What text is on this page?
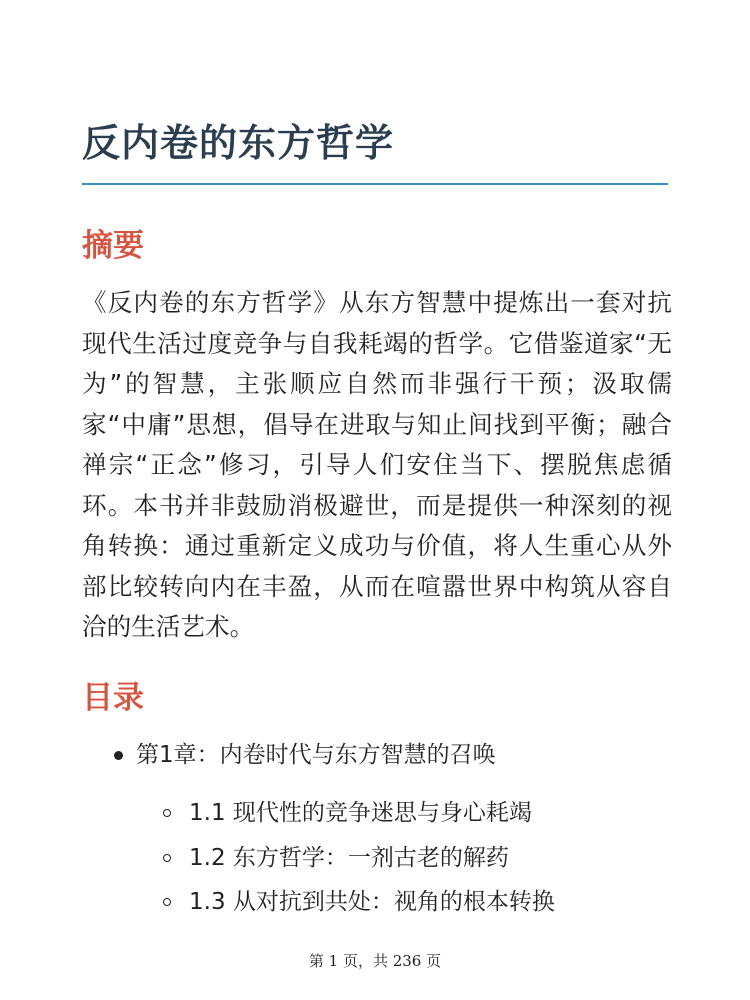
反内卷的东方哲学
摘要

《反内卷的东方哲学》从东方智慧中提炼出一套对抗现代生活过度竞争与自我耗竭的哲学。它借鉴道家“无为”的智慧，主张顺应自然而非强行干预；汲取儒家“中庸”思想，倡导在进取与知止间找到平衡；融合禅宗“正念”修习，引导人们安住当下、摆脱焦虑循环。本书并非鼓励消极避世，而是提供一种深刻的视角转换：通过重新定义成功与价值，将人生重心从外部比较转向内在丰盈，从而在喧嚣世界中构筑从容自洽的生活艺术。

目录
第1章：内卷时代与东方智慧的召唤
1.1 现代性的竞争迷思与身心耗竭
1.2 东方哲学：一剂古老的解药
1.3 从对抗到共处：视角的根本转换
第 1 页，共 236 页
